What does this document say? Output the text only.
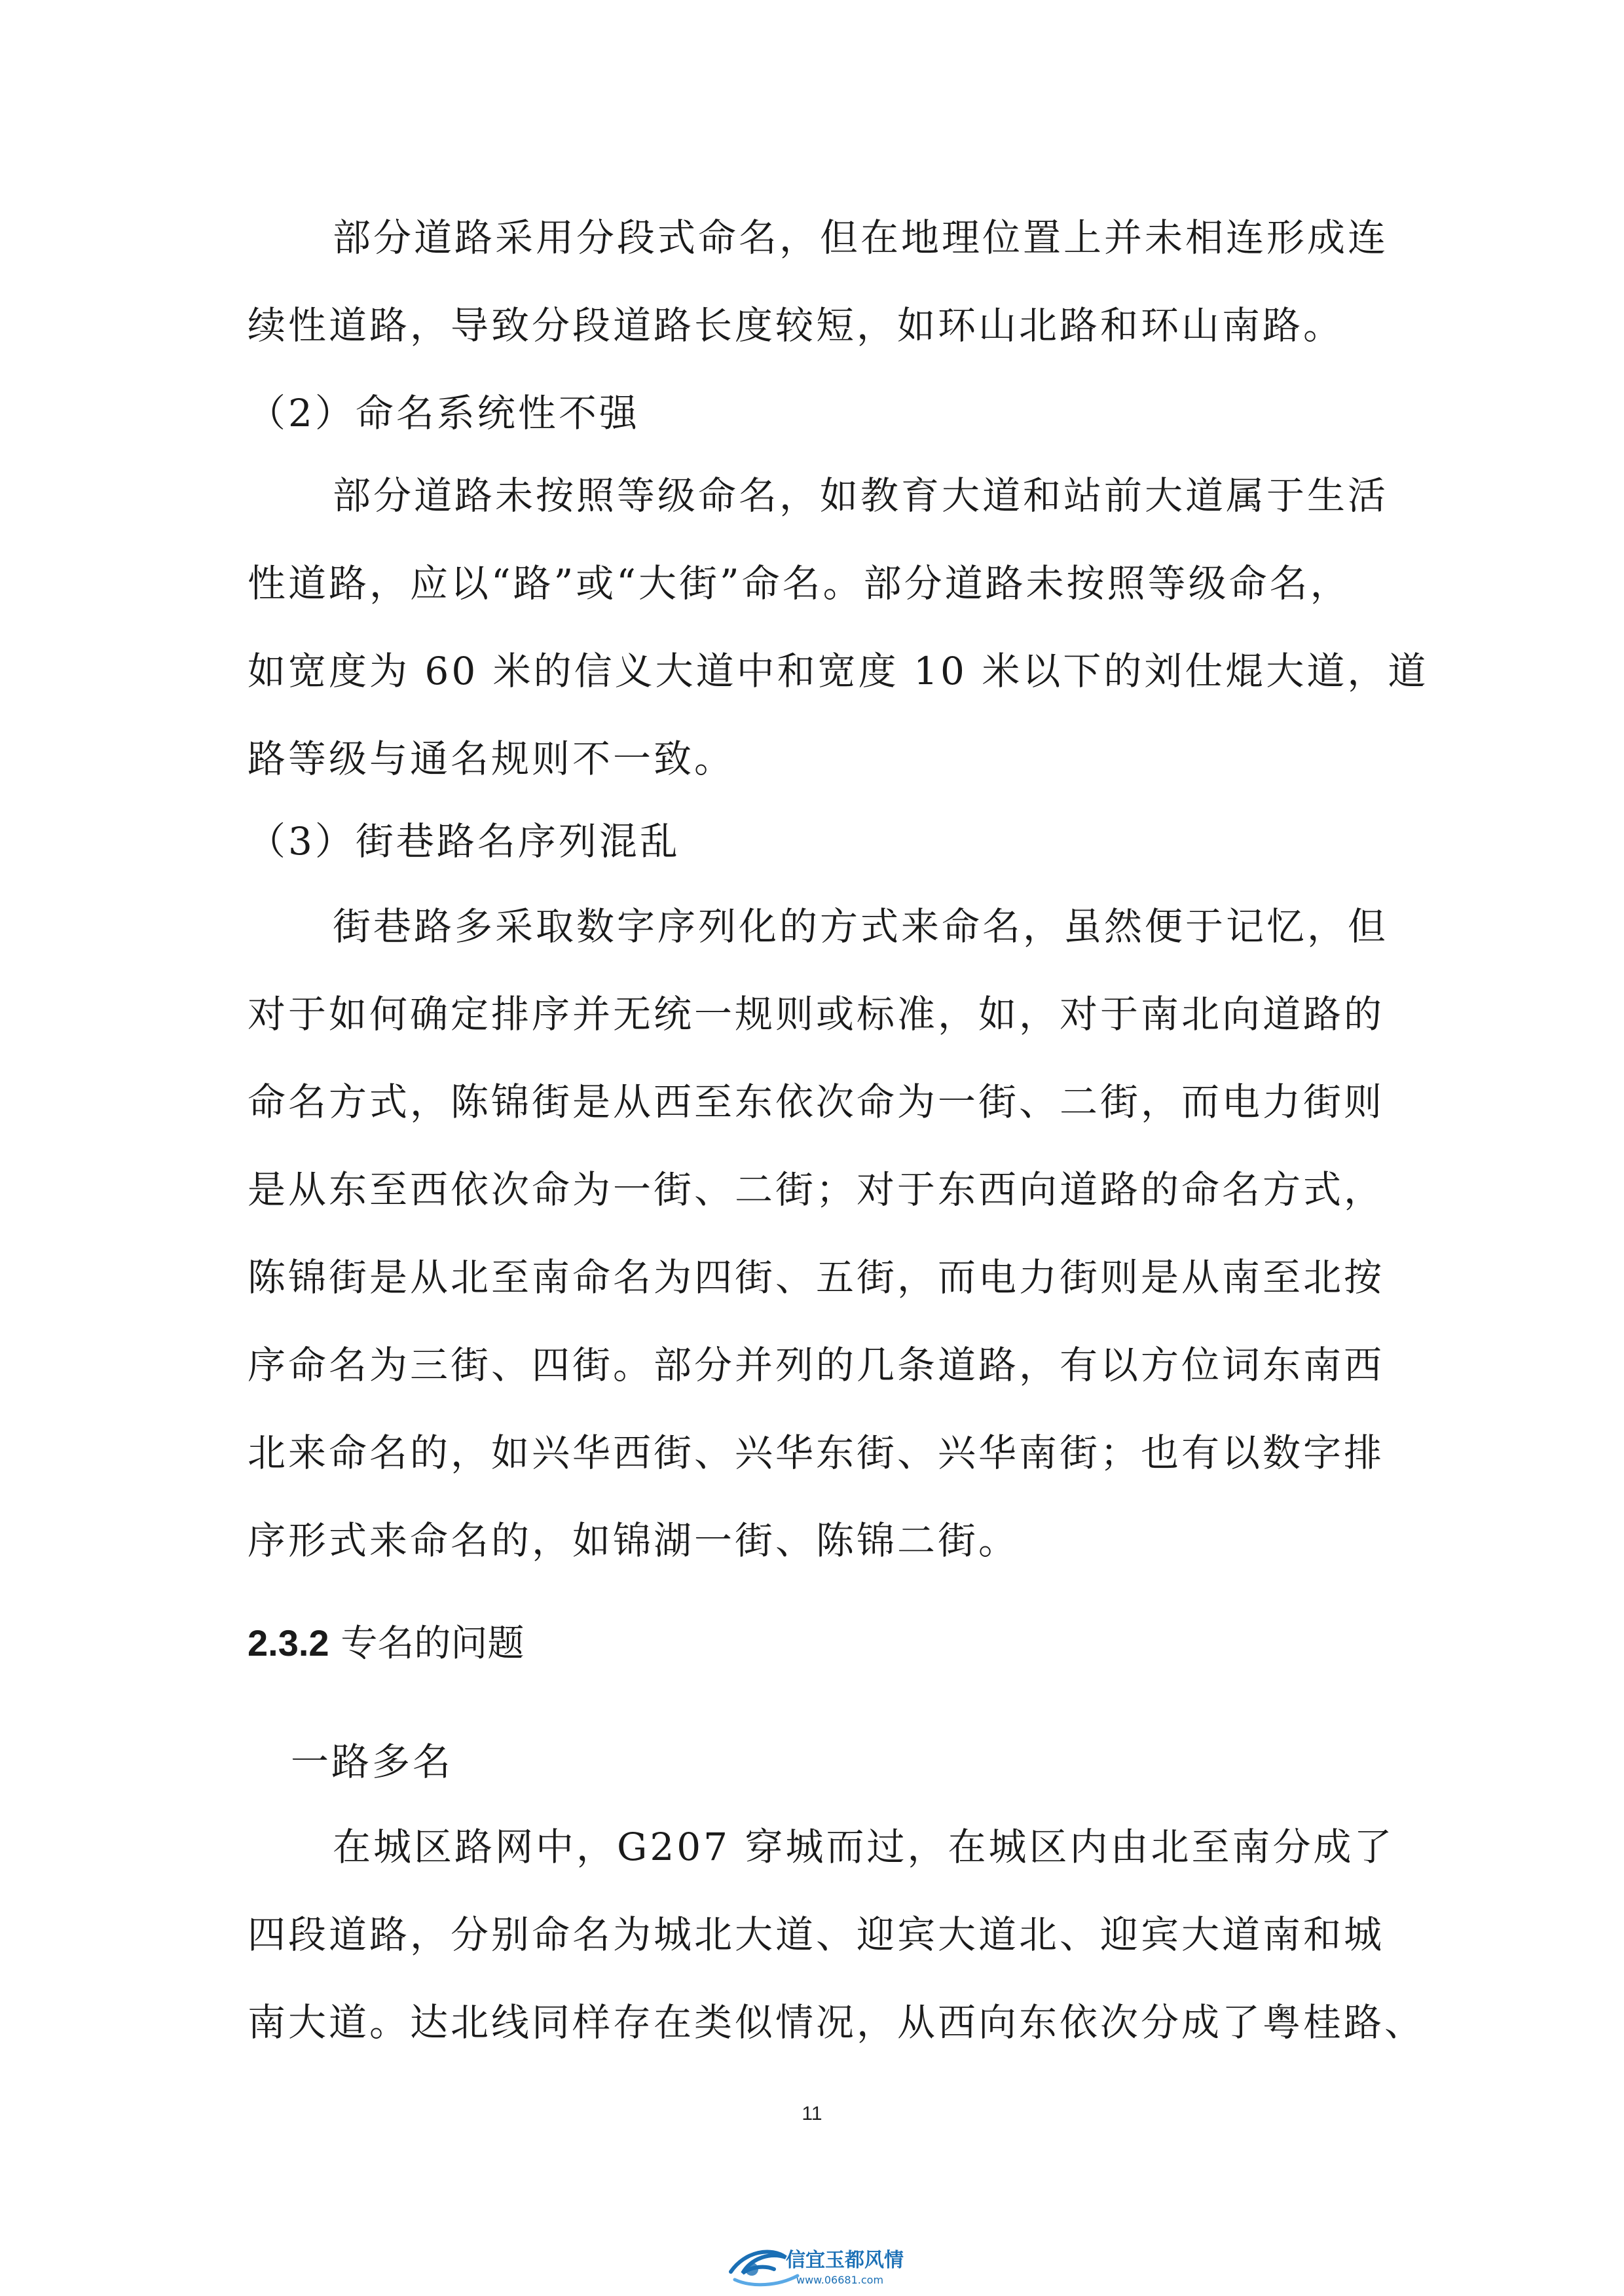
部分道路采用分段式命名，但在地理位置上并未相连形成连
续性道路，导致分段道路长度较短，如环山北路和环山南路。
（2）命名系统性不强
部分道路未按照等级命名，如教育大道和站前大道属于生活
性道路，应以“路”或“大街”命名。部分道路未按照等级命名，
如宽度为 60 米的信义大道中和宽度 10 米以下的刘仕焜大道，道
路等级与通名规则不一致。
（3）街巷路名序列混乱
街巷路多采取数字序列化的方式来命名，虽然便于记忆，但
对于如何确定排序并无统一规则或标准，如，对于南北向道路的
命名方式，陈锦街是从西至东依次命为一街、二街，而电力街则
是从东至西依次命为一街、二街；对于东西向道路的命名方式，
陈锦街是从北至南命名为四街、五街，而电力街则是从南至北按
序命名为三街、四街。部分并列的几条道路，有以方位词东南西
北来命名的，如兴华西街、兴华东街、兴华南街；也有以数字排
序形式来命名的，如锦湖一街、陈锦二街。
2.3.2 专名的问题
一路多名
在城区路网中，G207 穿城而过，在城区内由北至南分成了
四段道路，分别命名为城北大道、迎宾大道北、迎宾大道南和城
南大道。达北线同样存在类似情况，从西向东依次分成了粤桂路、
11
信宜玉都风情
www.06681.com
